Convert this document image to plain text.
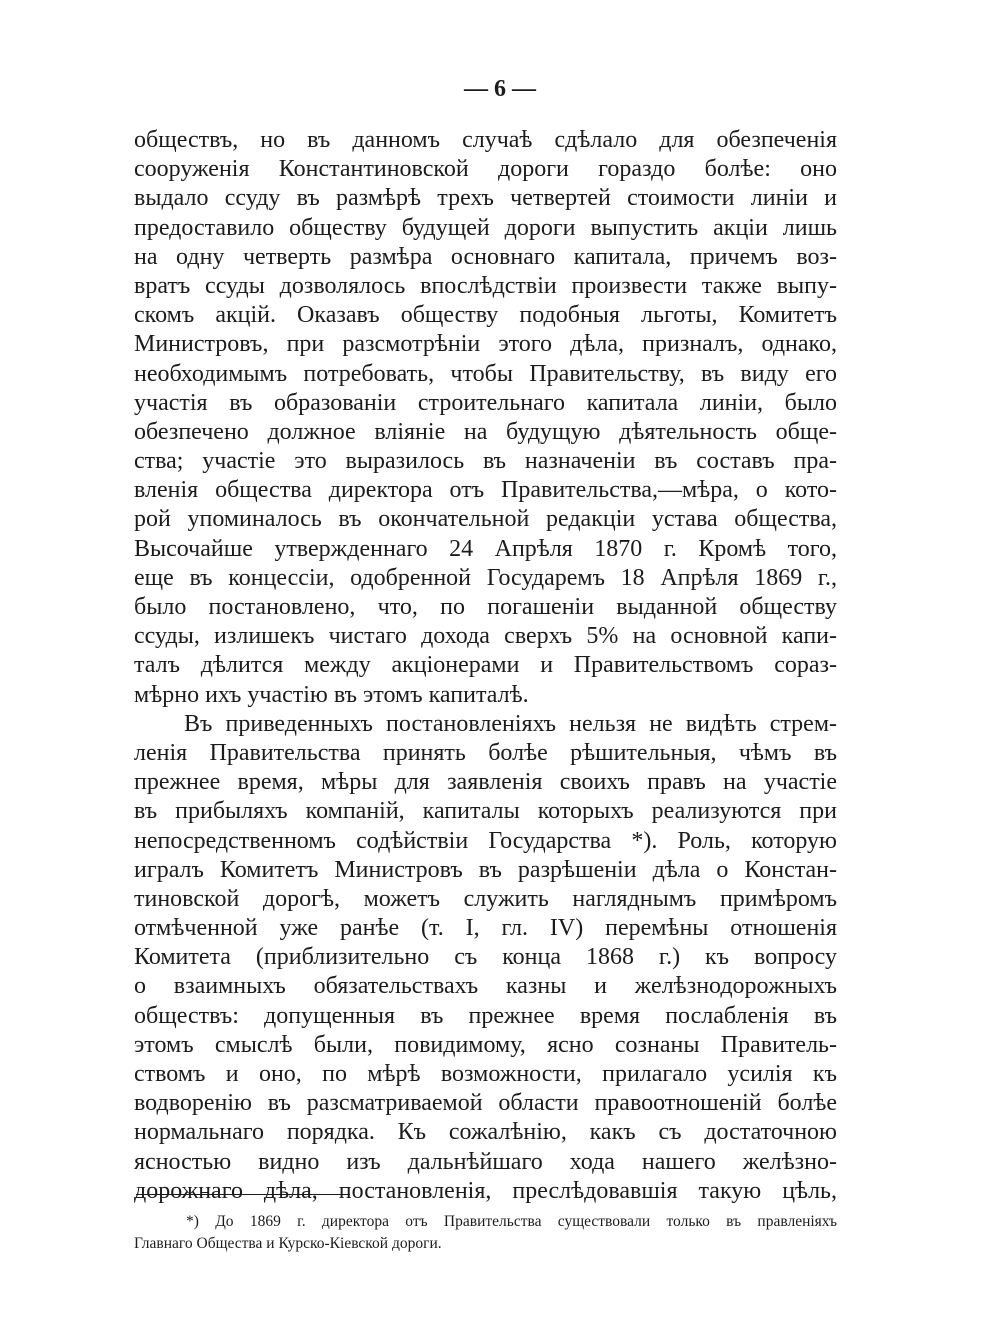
— 6 —
обществъ, но въ данномъ случаѣ сдѣлало для обезпеченія
сооруженія Константиновской дороги гораздо болѣе: оно
выдало ссуду въ размѣрѣ трехъ четвертей стоимости линіи и
предоставило обществу будущей дороги выпустить акціи лишь
на одну четверть размѣра основнаго капитала, причемъ воз-
вратъ ссуды дозволялось впослѣдствіи произвести также выпу-
скомъ акцій. Оказавъ обществу подобныя льготы, Комитетъ
Министровъ, при разсмотрѣніи этого дѣла, призналъ, однако,
необходимымъ потребовать, чтобы Правительству, въ виду его
участія въ образованіи строительнаго капитала линіи, было
обезпечено должное вліяніе на будущую дѣятельность обще-
ства; участіе это выразилось въ назначеніи въ составъ пра-
вленія общества директора отъ Правительства,—мѣра, о кото-
рой упоминалось въ окончательной редакціи устава общества,
Высочайше утвержденнаго 24 Апрѣля 1870 г. Кромѣ того,
еще въ концессіи, одобренной Государемъ 18 Апрѣля 1869 г.,
было постановлено, что, по погашеніи выданной обществу
ссуды, излишекъ чистаго дохода сверхъ 5% на основной капи-
талъ дѣлится между акціонерами и Правительствомъ сораз-
мѣрно ихъ участію въ этомъ капиталѣ.
Въ приведенныхъ постановленіяхъ нельзя не видѣть стрем-
ленія Правительства принять болѣе рѣшительныя, чѣмъ въ
прежнее время, мѣры для заявленія своихъ правъ на участіе
въ прибыляхъ компаній, капиталы которыхъ реализуются при
непосредственномъ содѣйствіи Государства *). Роль, которую
игралъ Комитетъ Министровъ въ разрѣшеніи дѣла о Констан-
тиновской дорогѣ, можетъ служить нагляднымъ примѣромъ
отмѣченной уже ранѣе (т. I, гл. IV) перемѣны отношенія
Комитета (приблизительно съ конца 1868 г.) къ вопросу
о взаимныхъ обязательствахъ казны и желѣзнодорожныхъ
обществъ: допущенныя въ прежнее время послабленія въ
этомъ смыслѣ были, повидимому, ясно сознаны Правитель-
ствомъ и оно, по мѣрѣ возможности, прилагало усилія къ
водворенію въ разсматриваемой области правоотношеній болѣе
нормальнаго порядка. Къ сожалѣнію, какъ съ достаточною
ясностью видно изъ дальнѣйшаго хода нашего желѣзно-
дорожнаго дѣла, постановленія, преслѣдовавшія такую цѣль,
*) До 1869 г. директора отъ Правительства существовали только въ правленіяхъ
Главнаго Общества и Курско-Кіевской дороги.
